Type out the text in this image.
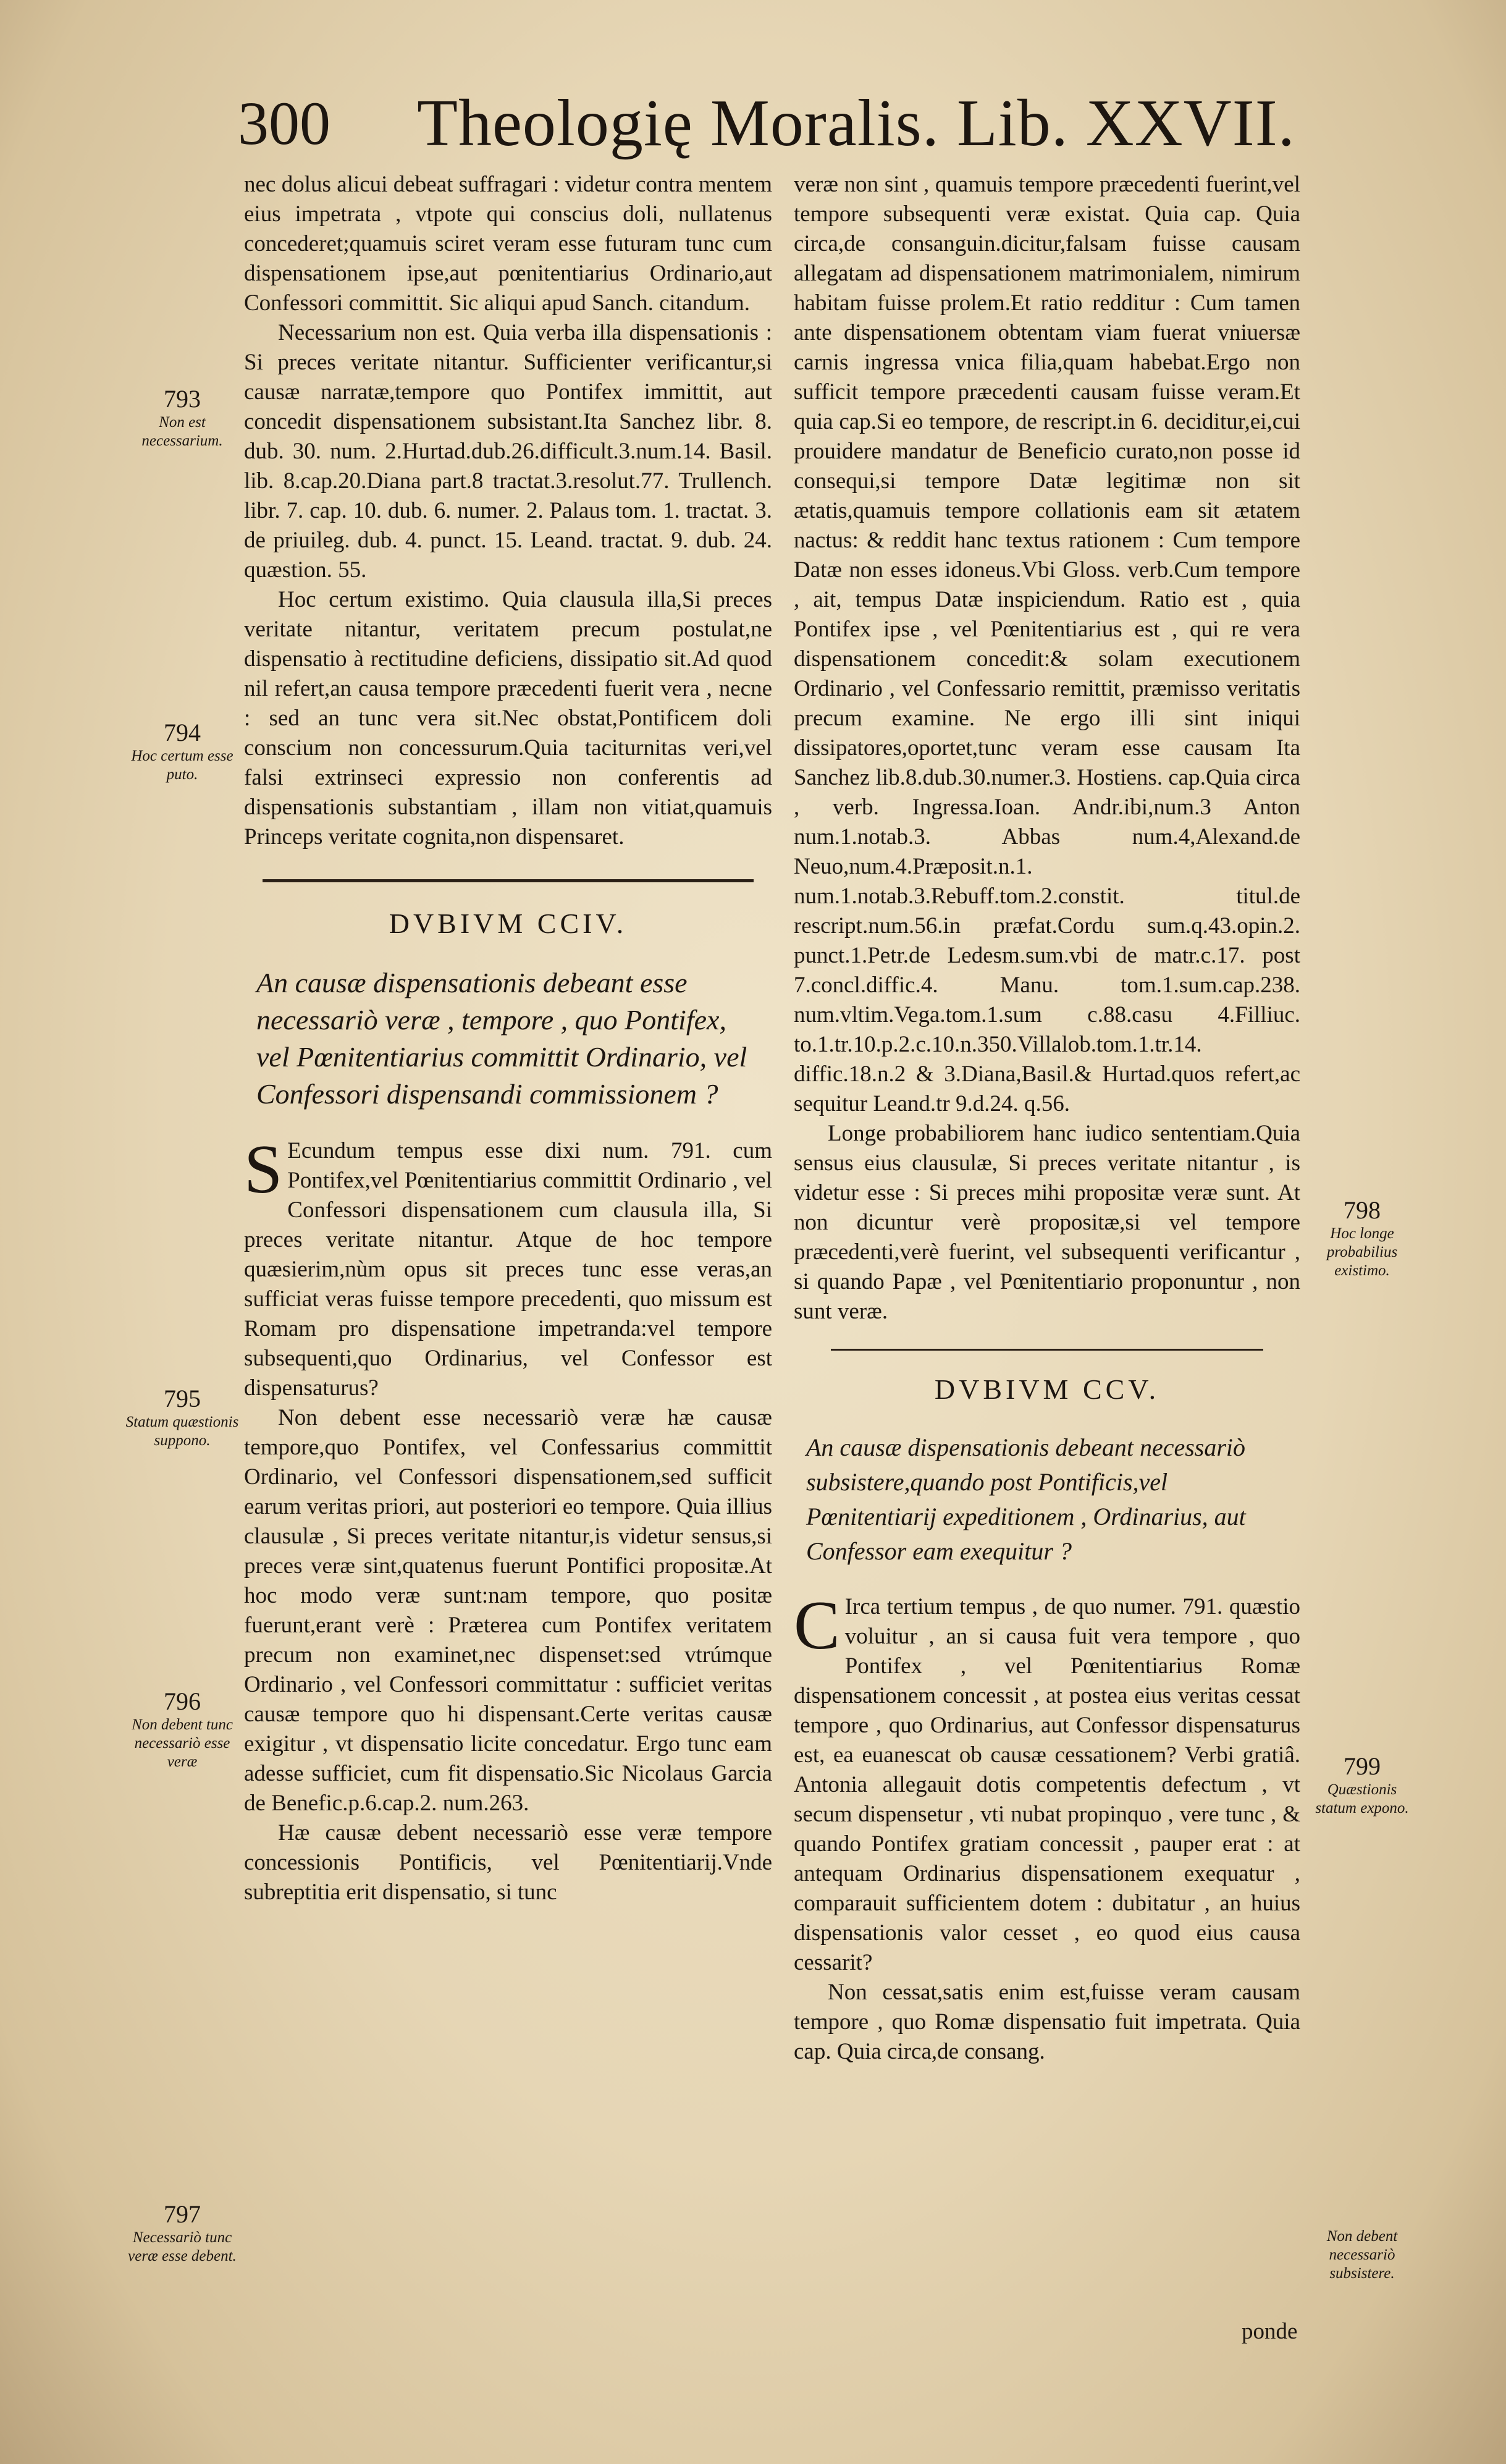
300 Theologię Moralis. Lib. XXVII.

nec dolus alicui debeat suffragari : videtur contra mentem eius impetrata , vtpote qui conscius doli, nullatenus concederet;quamuis sciret veram esse futuram tunc cum dispensationem ipse,aut pœnitentiarius Ordinario,aut Confessori committit. Sic aliqui apud Sanch. citandum.

Necessarium non est. Quia verba illa dispensationis : Si preces veritate nitantur. Sufficienter verificantur,si causæ narratæ,tempore quo Pontifex immittit, aut concedit dispensationem subsistant.Ita Sanchez libr. 8. dub. 30. num. 2.Hurtad.dub.26.difficult.3.num.14. Basil. lib. 8.cap.20.Diana part.8 tractat.3.resolut.77. Trullench. libr. 7. cap. 10. dub. 6. numer. 2. Palaus tom. 1. tractat. 3. de priuileg. dub. 4. punct. 15. Leand. tractat. 9. dub. 24. quæstion. 55.

Hoc certum existimo. Quia clausula illa,Si preces veritate nitantur, veritatem precum postulat,ne dispensatio à rectitudine deficiens, dissipatio sit.Ad quod nil refert,an causa tempore præcedenti fuerit vera , necne : sed an tunc vera sit.Nec obstat,Pontificem doli conscium non concessurum.Quia taciturnitas veri,vel falsi extrinseci expressio non conferentis ad dispensationis substantiam , illam non vitiat,quamuis Princeps veritate cognita,non dispensaret.

DVBIVM CCIV.
An causæ dispensationis debeant esse necessariò veræ , tempore , quo Pontifex, vel Pœnitentiarius committit Ordinario, vel Confessori dispensandi commissionem ?

S Ecundum tempus esse dixi num. 791. cum Pontifex,vel Pœnitentiarius committit Ordinario , vel Confessori dispensationem cum clausula illa, Si preces veritate nitantur. Atque de hoc tempore quæsierim,nùm opus sit preces tunc esse veras,an sufficiat veras fuisse tempore precedenti, quo missum est Romam pro dispensatione impetranda:vel tempore subsequenti,quo Ordinarius, vel Confessor est dispensaturus?

Non debent esse necessariò veræ hæ causæ tempore,quo Pontifex, vel Confessarius committit Ordinario, vel Confessori dispensationem,sed sufficit earum veritas priori, aut posteriori eo tempore. Quia illius clausulæ , Si preces veritate nitantur,is videtur sensus,si preces veræ sint,quatenus fuerunt Pontifici propositæ.At hoc modo veræ sunt:nam tempore, quo positæ fuerunt,erant verè : Præterea cum Pontifex veritatem precum non examinet,nec dispenset:sed vtrúmque Ordinario , vel Confessori committatur : sufficiet veritas causæ tempore quo hi dispensant.Certe veritas causæ exigitur , vt dispensatio licite concedatur. Ergo tunc eam adesse sufficiet, cum fit dispensatio.Sic Nicolaus Garcia de Benefic.p.6.cap.2. num.263.

Hæ causæ debent necessariò esse veræ tempore concessionis Pontificis, vel Pœnitentiarij.Vnde subreptitia erit dispensatio, si tunc

793
Non est necessarium.
794
Hoc certum esse puto.
795
Statum quæstionis suppono.
796
Non debent tunc necessariò esse veræ
797
Necessariò tunc veræ esse debent.

veræ non sint , quamuis tempore præcedenti fuerint,vel tempore subsequenti veræ existat. Quia cap. Quia circa,de consanguin.dicitur,falsam fuisse causam allegatam ad dispensationem matrimonialem, nimirum habitam fuisse prolem.Et ratio redditur : Cum tamen ante dispensationem obtentam viam fuerat vniuersæ carnis ingressa vnica filia,quam habebat.Ergo non sufficit tempore præcedenti causam fuisse veram.Et quia cap.Si eo tempore, de rescript.in 6. deciditur,ei,cui prouidere mandatur de Beneficio curato,non posse id consequi,si tempore Datæ legitimæ non sit ætatis,quamuis tempore collationis eam sit ætatem nactus: & reddit hanc textus rationem : Cum tempore Datæ non esses idoneus.Vbi Gloss. verb.Cum tempore , ait, tempus Datæ inspiciendum. Ratio est , quia Pontifex ipse , vel Pœnitentiarius est , qui re vera dispensationem concedit:& solam executionem Ordinario , vel Confessario remittit, præmisso veritatis precum examine. Ne ergo illi sint iniqui dissipatores,oportet,tunc veram esse causam Ita Sanchez lib.8.dub.30.numer.3. Hostiens. cap.Quia circa , verb. Ingressa.Ioan. Andr.ibi,num.3 Anton num.1.notab.3. Abbas num.4,Alexand.de Neuo,num.4.Præposit.n.1. num.1.notab.3.Rebuff.tom.2.constit. titul.de rescript.num.56.in præfat.Cordu sum.q.43.opin.2. punct.1.Petr.de Ledesm.sum.vbi de matr.c.17. post 7.concl.diffic.4. Manu. tom.1.sum.cap.238. num.vltim.Vega.tom.1.sum c.88.casu 4.Filliuc. to.1.tr.10.p.2.c.10.n.350.Villalob.tom.1.tr.14. diffic.18.n.2 & 3.Diana,Basil.& Hurtad.quos refert,ac sequitur Leand.tr 9.d.24. q.56.

Longe probabiliorem hanc iudico sententiam.Quia sensus eius clausulæ, Si preces veritate nitantur , is videtur esse : Si preces mihi propositæ veræ sunt. At non dicuntur verè propositæ,si vel tempore præcedenti,verè fuerint, vel subsequenti verificantur , si quando Papæ , vel Pœnitentiario proponuntur , non sunt veræ.

DVBIVM CCV.
An causæ dispensationis debeant necessariò subsistere,quando post Pontificis,vel Pœnitentiarij expeditionem , Ordinarius, aut Confessor eam exequitur ?

C Irca tertium tempus , de quo numer. 791. quæstio voluitur , an si causa fuit vera tempore , quo Pontifex , vel Pœnitentiarius Romæ dispensationem concessit , at postea eius veritas cessat tempore , quo Ordinarius, aut Confessor dispensaturus est, ea euanescat ob causæ cessationem? Verbi gratiâ. Antonia allegauit dotis competentis defectum , vt secum dispensetur , vti nubat propinquo , vere tunc , & quando Pontifex gratiam concessit , pauper erat : at antequam Ordinarius dispensationem exequatur , comparauit sufficientem dotem : dubitatur , an huius dispensationis valor cesset , eo quod eius causa cessarit?

Non cessat,satis enim est,fuisse veram causam tempore , quo Romæ dispensatio fuit impetrata. Quia cap. Quia circa,de consang.

798
Hoc longe probabilius existimo.
799
Quæstionis statum expono.
Non debent necessariò subsistere.
ponde
